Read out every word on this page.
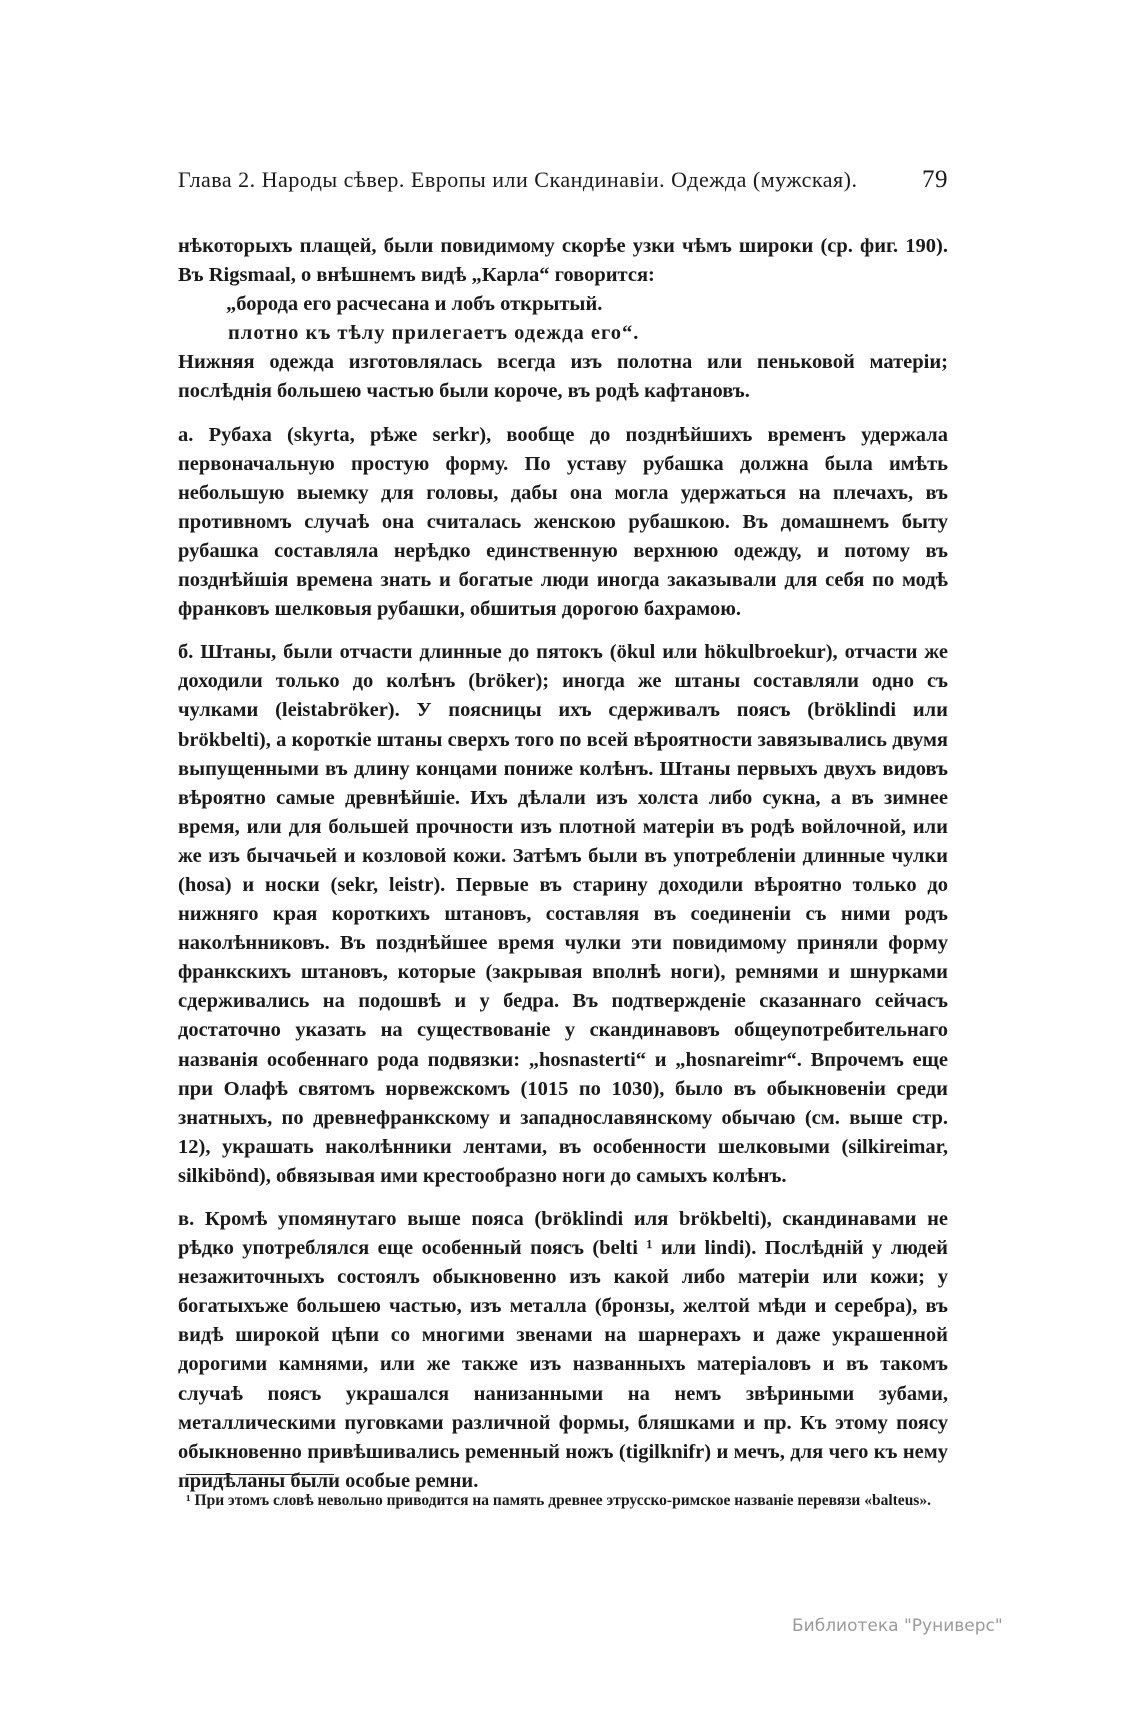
Глава 2. Народы сѣвер. Европы или Скандинавіи. Одежда (мужская).	79

нѣкоторыхъ плащей, были повидимому скорѣе узки чѣмъ широки (ср. фиг. 190). Въ Rigsmaal, о внѣшнемъ видѣ „Карла“ говорится:

„борода его расчесана и лобъ открытый.

плотно къ тѣлу прилегаетъ одежда его“.

Нижняя одежда изготовлялась всегда изъ полотна или пеньковой матеріи; послѣднія большею частью были короче, въ родѣ кафтановъ.

а. Рубаха (skyrta, рѣже serkr), вообще до позднѣйшихъ временъ удержала первоначальную простую форму. По уставу рубашка должна была имѣть небольшую выемку для головы, дабы она могла удержаться на плечахъ, въ противномъ случаѣ она считалась женскою рубашкою. Въ домашнемъ быту рубашка составляла нерѣдко единственную верхнюю одежду, и потому въ позднѣйшія времена знать и богатые люди иногда заказывали для себя по модѣ франковъ шелковыя рубашки, обшитыя дорогою бахрамою.

б. Штаны, были отчасти длинные до пятокъ (ökul или hökulbroekur), отчасти же доходили только до колѣнъ (bröker); иногда же штаны составляли одно съ чулками (leistabröker). У поясницы ихъ сдерживалъ поясъ (bröklindi или brökbelti), а короткіе штаны сверхъ того по всей вѣроятности завязывались двумя выпущенными въ длину концами пониже колѣнъ. Штаны первыхъ двухъ видовъ вѣроятно самые древнѣйшіе. Ихъ дѣлали изъ холста либо сукна, а въ зимнее время, или для большей прочности изъ плотной матеріи въ родѣ войлочной, или же изъ бычачьей и козловой кожи. Затѣмъ были въ употребленіи длинные чулки (hosa) и носки (sekr, leistr). Первые въ старину доходили вѣроятно только до нижняго края короткихъ штановъ, составляя въ соединеніи съ ними родъ наколѣнниковъ. Въ позднѣйшее время чулки эти повидимому приняли форму франкскихъ штановъ, которые (закрывая вполнѣ ноги), ремнями и шнурками сдерживались на подошвѣ и у бедра. Въ подтвержденіе сказаннаго сейчасъ достаточно указать на существованіе у скандинавовъ общеупотребительнаго названія особеннаго рода подвязки: „hosnasterti“ и „hosnareimr“. Впрочемъ еще при Олафѣ святомъ норвежскомъ (1015 по 1030), было въ обыкновеніи среди знатныхъ, по древнефранкскому и западнославянскому обычаю (см. выше стр. 12), украшать наколѣнники лентами, въ особенности шелковыми (silkireimar, silkibönd), обвязывая ими крестообразно ноги до самыхъ колѣнъ.

в. Кромѣ упомянутаго выше пояса (bröklindi иля brökbelti), скандинавами не рѣдко употреблялся еще особенный поясъ (belti ¹ или lindi). Послѣдній у людей незажиточныхъ состоялъ обыкновенно изъ какой либо матеріи или кожи; у богатыхъже большею частью, изъ металла (бронзы, желтой мѣди и серебра), въ видѣ широкой цѣпи со многими звенами на шарнерахъ и даже украшенной дорогими камнями, или же также изъ названныхъ матеріаловъ и въ такомъ случаѣ поясъ украшался нанизанными на немъ звѣриными зубами, металлическими пуговками различной формы, бляшками и пр. Къ этому поясу обыкновенно привѣшивались ременный ножъ (tigilknifr) и мечъ, для чего къ нему придѣланы были особые ремни.

¹ При этомъ словѣ невольно приводится на память древнее этрусско-римское названіе перевязи «balteus».
Библиотека "Руниверс"
